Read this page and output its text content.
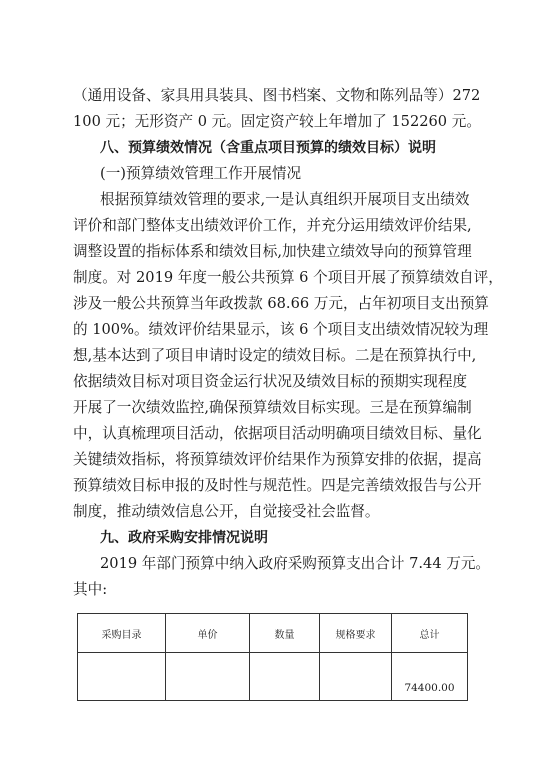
（通用设备、家具用具装具、图书档案、文物和陈列品等）272
100 元；无形资产 0 元。固定资产较上年增加了 152260 元。
八、预算绩效情况（含重点项目预算的绩效目标）说明
(一)预算绩效管理工作开展情况
根据预算绩效管理的要求,一是认真组织开展项目支出绩效
评价和部门整体支出绩效评价工作，并充分运用绩效评价结果,
调整设置的指标体系和绩效目标,加快建立绩效导向的预算管理
制度。对 2019 年度一般公共预算 6 个项目开展了预算绩效自评，
涉及一般公共预算当年政拨款 68.66 万元，占年初项目支出预算
的 100%。绩效评价结果显示，该 6 个项目支出绩效情况较为理
想,基本达到了项目申请时设定的绩效目标。二是在预算执行中,
依据绩效目标对项目资金运行状况及绩效目标的预期实现程度
开展了一次绩效监控,确保预算绩效目标实现。三是在预算编制
中，认真梳理项目活动，依据项目活动明确项目绩效目标、量化
关键绩效指标，将预算绩效评价结果作为预算安排的依据，提高
预算绩效目标申报的及时性与规范性。四是完善绩效报告与公开
制度，推动绩效信息公开，自觉接受社会监督。
九、政府采购安排情况说明
2019 年部门预算中纳入政府采购预算支出合计 7.44 万元。
其中:
采购目录	单价	数量	规格要求	总计
				74400.00
